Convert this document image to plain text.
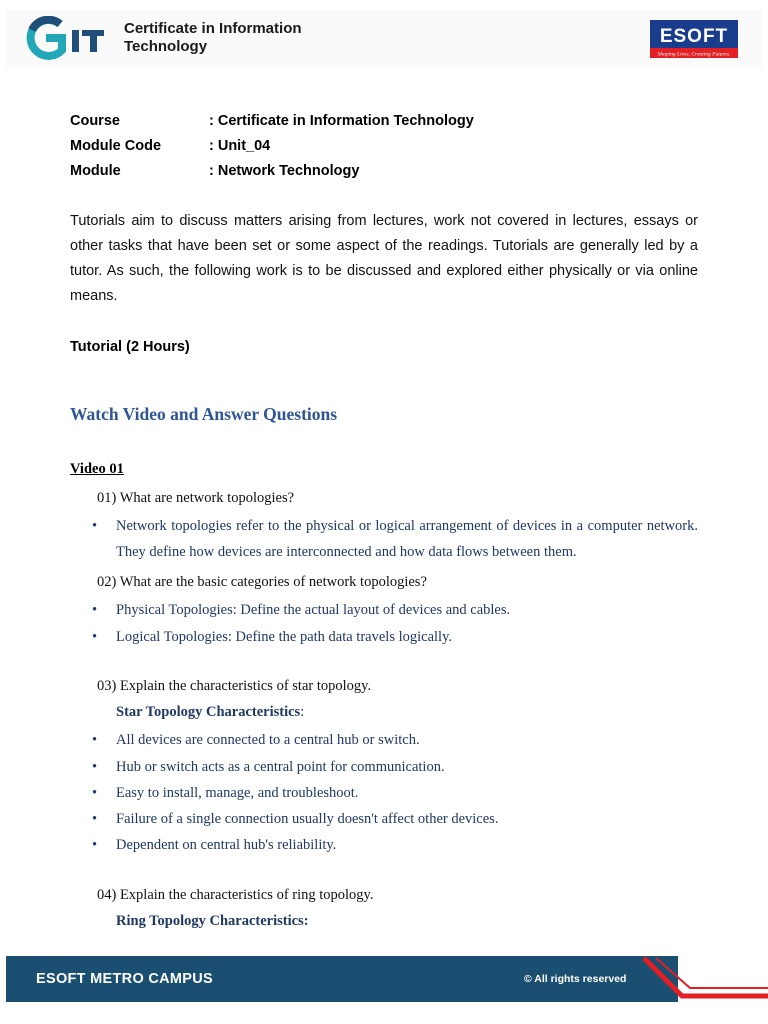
Certificate in Information Technology	ESOFT
Shaping Lives, Creating Futures.
Course	: Certificate in Information Technology
Module Code	: Unit_04
Module	: Network Technology
Tutorials aim to discuss matters arising from lectures, work not covered in lectures, essays or other tasks that have been set or some aspect of the readings. Tutorials are generally led by a tutor. As such, the following work is to be discussed and explored either physically or via online means.
Tutorial (2 Hours)
Watch Video and Answer Questions
Video 01
01) What are network topologies?
• Network topologies refer to the physical or logical arrangement of devices in a computer network. They define how devices are interconnected and how data flows between them.
02) What are the basic categories of network topologies?
• Physical Topologies: Define the actual layout of devices and cables.
• Logical Topologies: Define the path data travels logically.
03) Explain the characteristics of star topology.
Star Topology Characteristics:
• All devices are connected to a central hub or switch.
• Hub or switch acts as a central point for communication.
• Easy to install, manage, and troubleshoot.
• Failure of a single connection usually doesn't affect other devices.
• Dependent on central hub's reliability.
04) Explain the characteristics of ring topology.
Ring Topology Characteristics:
ESOFT METRO CAMPUS	© All rights reserved
